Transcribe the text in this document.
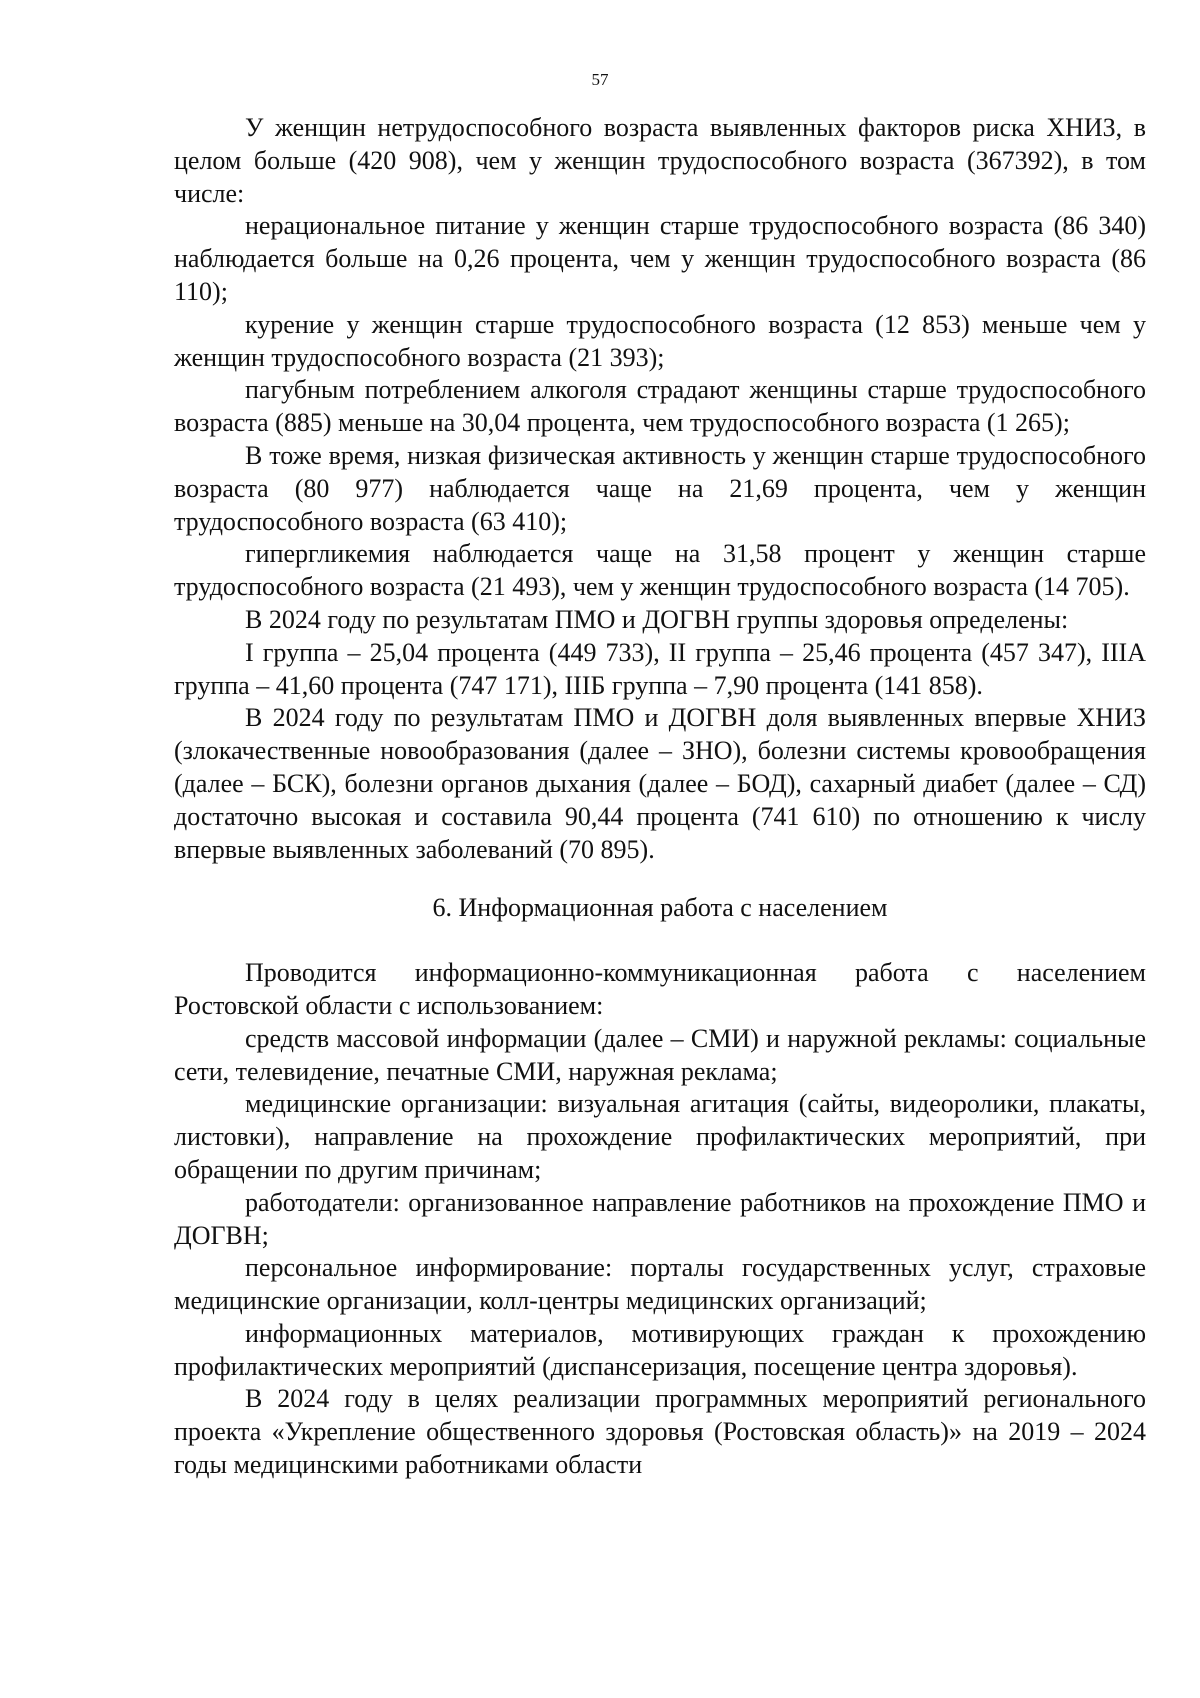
57

У женщин нетрудоспособного возраста выявленных факторов риска ХНИЗ, в целом больше (420 908), чем у женщин трудоспособного возраста (367392), в том числе:

нерациональное питание у женщин старше трудоспособного возраста (86 340) наблюдается больше на 0,26 процента, чем у женщин трудоспособного возраста (86 110);

курение у женщин старше трудоспособного возраста (12 853) меньше чем у женщин трудоспособного возраста (21 393);

пагубным потреблением алкоголя страдают женщины старше трудоспособного возраста (885) меньше на 30,04 процента, чем трудоспособного возраста (1 265);

В тоже время, низкая физическая активность у женщин старше трудоспособного возраста (80 977) наблюдается чаще на 21,69 процента, чем у женщин трудоспособного возраста (63 410);

гипергликемия наблюдается чаще на 31,58 процент у женщин старше трудоспособного возраста (21 493), чем у женщин трудоспособного возраста (14 705).

В 2024 году по результатам ПМО и ДОГВН группы здоровья определены:

I группа – 25,04 процента (449 733), II группа – 25,46 процента (457 347), IIIА группа – 41,60 процента (747 171), IIIБ группа – 7,90 процента (141 858).

В 2024 году по результатам ПМО и ДОГВН доля выявленных впервые ХНИЗ (злокачественные новообразования (далее – ЗНО), болезни системы кровообращения (далее – БСК), болезни органов дыхания (далее – БОД), сахарный диабет (далее – СД) достаточно высокая и составила 90,44 процента (741 610) по отношению к числу впервые выявленных заболеваний (70 895).

6. Информационная работа с населением

Проводится информационно-коммуникационная работа с населением Ростовской области с использованием:

средств массовой информации (далее – СМИ) и наружной рекламы: социальные сети, телевидение, печатные СМИ, наружная реклама;

медицинские организации: визуальная агитация (сайты, видеоролики, плакаты, листовки), направление на прохождение профилактических мероприятий, при обращении по другим причинам;

работодатели: организованное направление работников на прохождение ПМО и ДОГВН;

персональное информирование: порталы государственных услуг, страховые медицинские организации, колл-центры медицинских организаций;

информационных материалов, мотивирующих граждан к прохождению профилактических мероприятий (диспансеризация, посещение центра здоровья).

В 2024 году в целях реализации программных мероприятий регионального проекта «Укрепление общественного здоровья (Ростовская область)» на 2019 – 2024 годы медицинскими работниками области
